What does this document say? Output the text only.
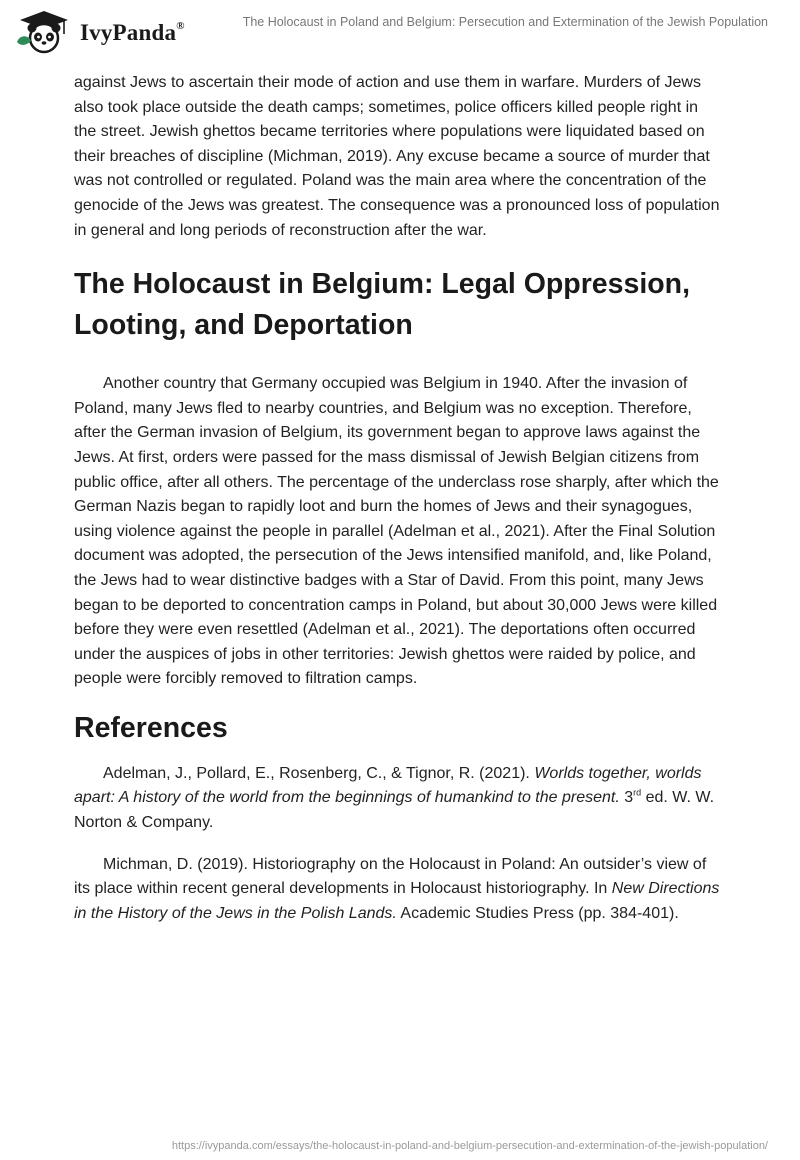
IvyPanda®	The Holocaust in Poland and Belgium: Persecution and Extermination of the Jewish Population

against Jews to ascertain their mode of action and use them in warfare. Murders of Jews also took place outside the death camps; sometimes, police officers killed people right in the street. Jewish ghettos became territories where populations were liquidated based on their breaches of discipline (Michman, 2019). Any excuse became a source of murder that was not controlled or regulated. Poland was the main area where the concentration of the genocide of the Jews was greatest. The consequence was a pronounced loss of population in general and long periods of reconstruction after the war.

The Holocaust in Belgium: Legal Oppression, Looting, and Deportation

Another country that Germany occupied was Belgium in 1940. After the invasion of Poland, many Jews fled to nearby countries, and Belgium was no exception. Therefore, after the German invasion of Belgium, its government began to approve laws against the Jews. At first, orders were passed for the mass dismissal of Jewish Belgian citizens from public office, after all others. The percentage of the underclass rose sharply, after which the German Nazis began to rapidly loot and burn the homes of Jews and their synagogues, using violence against the people in parallel (Adelman et al., 2021). After the Final Solution document was adopted, the persecution of the Jews intensified manifold, and, like Poland, the Jews had to wear distinctive badges with a Star of David. From this point, many Jews began to be deported to concentration camps in Poland, but about 30,000 Jews were killed before they were even resettled (Adelman et al., 2021). The deportations often occurred under the auspices of jobs in other territories: Jewish ghettos were raided by police, and people were forcibly removed to filtration camps.

References

Adelman, J., Pollard, E., Rosenberg, C., & Tignor, R. (2021). Worlds together, worlds apart: A history of the world from the beginnings of humankind to the present. 3rd ed. W. W. Norton & Company.

Michman, D. (2019). Historiography on the Holocaust in Poland: An outsider’s view of its place within recent general developments in Holocaust historiography. In New Directions in the History of the Jews in the Polish Lands. Academic Studies Press (pp. 384-401).

https://ivypanda.com/essays/the-holocaust-in-poland-and-belgium-persecution-and-extermination-of-the-jewish-population/
